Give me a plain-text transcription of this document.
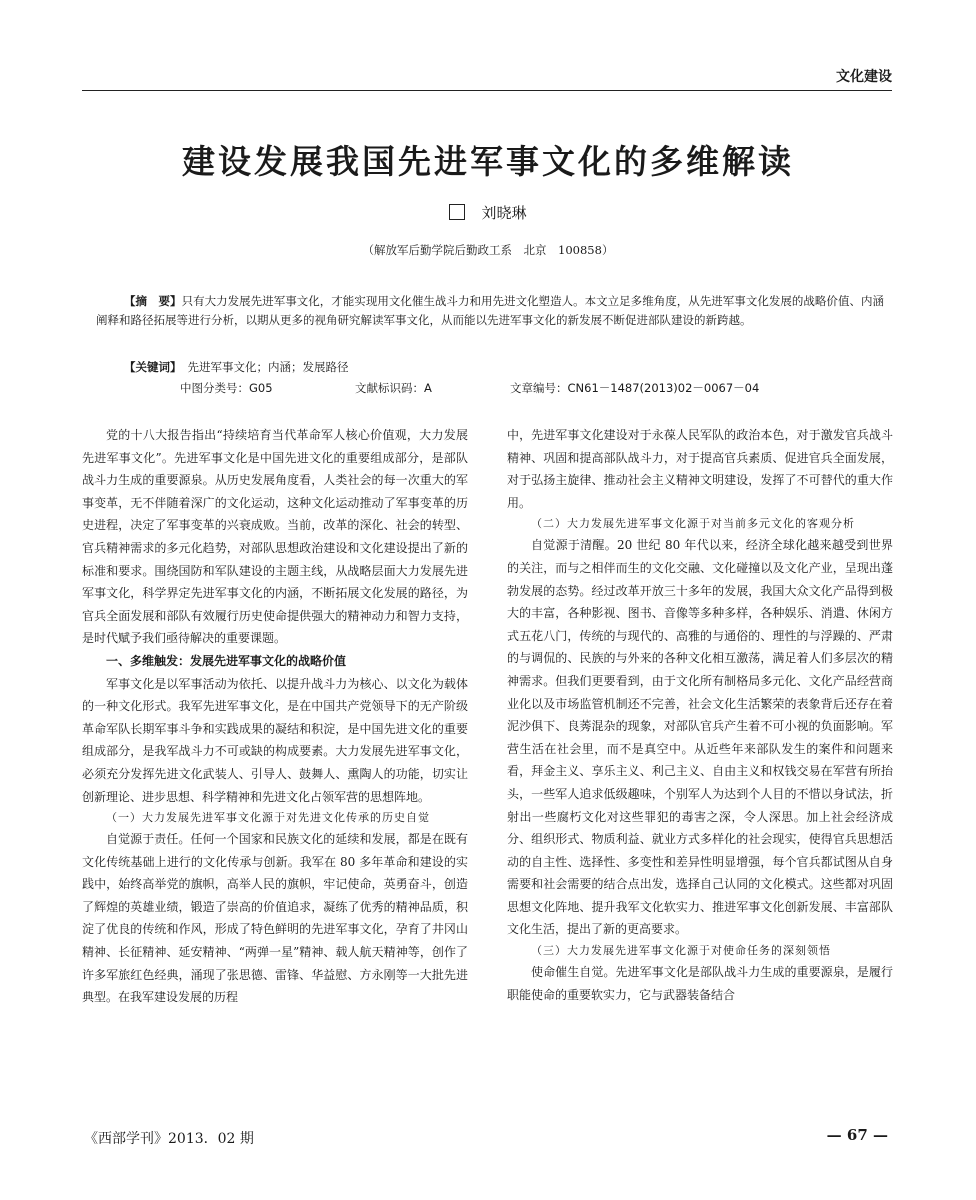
文化建设
建设发展我国先进军事文化的多维解读
刘晓琳
（解放军后勤学院后勤政工系　北京　100858）
【摘　要】只有大力发展先进军事文化，才能实现用文化催生战斗力和用先进文化塑造人。本文立足多维角度，从先进军事文化发展的战略价值、内涵阐释和路径拓展等进行分析，以期从更多的视角研究解读军事文化，从而能以先进军事文化的新发展不断促进部队建设的新跨越。
【关键词】 先进军事文化；内涵；发展路径
中图分类号：G05	文献标识码：A	文章编号：CN61－1487(2013)02－0067－04

党的十八大报告指出“持续培育当代革命军人核心价值观，大力发展先进军事文化”。先进军事文化是中国先进文化的重要组成部分，是部队战斗力生成的重要源泉。从历史发展角度看，人类社会的每一次重大的军事变革，无不伴随着深广的文化运动，这种文化运动推动了军事变革的历史进程，决定了军事变革的兴衰成败。当前，改革的深化、社会的转型、官兵精神需求的多元化趋势，对部队思想政治建设和文化建设提出了新的标准和要求。围绕国防和军队建设的主题主线，从战略层面大力发展先进军事文化，科学界定先进军事文化的内涵，不断拓展文化发展的路径，为官兵全面发展和部队有效履行历史使命提供强大的精神动力和智力支持，是时代赋予我们亟待解决的重要课题。

一、多维触发：发展先进军事文化的战略价值

军事文化是以军事活动为依托、以提升战斗力为核心、以文化为载体的一种文化形式。我军先进军事文化，是在中国共产党领导下的无产阶级革命军队长期军事斗争和实践成果的凝结和积淀，是中国先进文化的重要组成部分，是我军战斗力不可或缺的构成要素。大力发展先进军事文化，必须充分发挥先进文化武装人、引导人、鼓舞人、熏陶人的功能，切实让创新理论、进步思想、科学精神和先进文化占领军营的思想阵地。

（一）大力发展先进军事文化源于对先进文化传承的历史自觉

自觉源于责任。任何一个国家和民族文化的延续和发展，都是在既有文化传统基础上进行的文化传承与创新。我军在 80 多年革命和建设的实践中，始终高举党的旗帜，高举人民的旗帜，牢记使命，英勇奋斗，创造了辉煌的英雄业绩，锻造了崇高的价值追求，凝练了优秀的精神品质，积淀了优良的传统和作风，形成了特色鲜明的先进军事文化，孕育了井冈山精神、长征精神、延安精神、“两弹一星”精神、载人航天精神等，创作了许多军旅红色经典，涌现了张思德、雷锋、华益慰、方永刚等一大批先进典型。在我军建设发展的历程

中，先进军事文化建设对于永葆人民军队的政治本色，对于激发官兵战斗精神、巩固和提高部队战斗力，对于提高官兵素质、促进官兵全面发展，对于弘扬主旋律、推动社会主义精神文明建设，发挥了不可替代的重大作用。

（二）大力发展先进军事文化源于对当前多元文化的客观分析

自觉源于清醒。20 世纪 80 年代以来，经济全球化越来越受到世界的关注，而与之相伴而生的文化交融、文化碰撞以及文化产业，呈现出蓬勃发展的态势。经过改革开放三十多年的发展，我国大众文化产品得到极大的丰富，各种影视、图书、音像等多种多样，各种娱乐、消遣、休闲方式五花八门，传统的与现代的、高雅的与通俗的、理性的与浮躁的、严肃的与调侃的、民族的与外来的各种文化相互激荡，满足着人们多层次的精神需求。但我们更要看到，由于文化所有制格局多元化、文化产品经营商业化以及市场监管机制还不完善，社会文化生活繁荣的表象背后还存在着泥沙俱下、良莠混杂的现象，对部队官兵产生着不可小视的负面影响。军营生活在社会里，而不是真空中。从近些年来部队发生的案件和问题来看，拜金主义、享乐主义、利己主义、自由主义和权钱交易在军营有所抬头，一些军人追求低级趣味，个别军人为达到个人目的不惜以身试法，折射出一些腐朽文化对这些罪犯的毒害之深，令人深思。加上社会经济成分、组织形式、物质利益、就业方式多样化的社会现实，使得官兵思想活动的自主性、选择性、多变性和差异性明显增强，每个官兵都试图从自身需要和社会需要的结合点出发，选择自己认同的文化模式。这些都对巩固思想文化阵地、提升我军文化软实力、推进军事文化创新发展、丰富部队文化生活，提出了新的更高要求。

（三）大力发展先进军事文化源于对使命任务的深刻领悟

使命催生自觉。先进军事文化是部队战斗力生成的重要源泉，是履行职能使命的重要软实力，它与武器装备结合

《西部学刊》2013．02 期	— 67 —
